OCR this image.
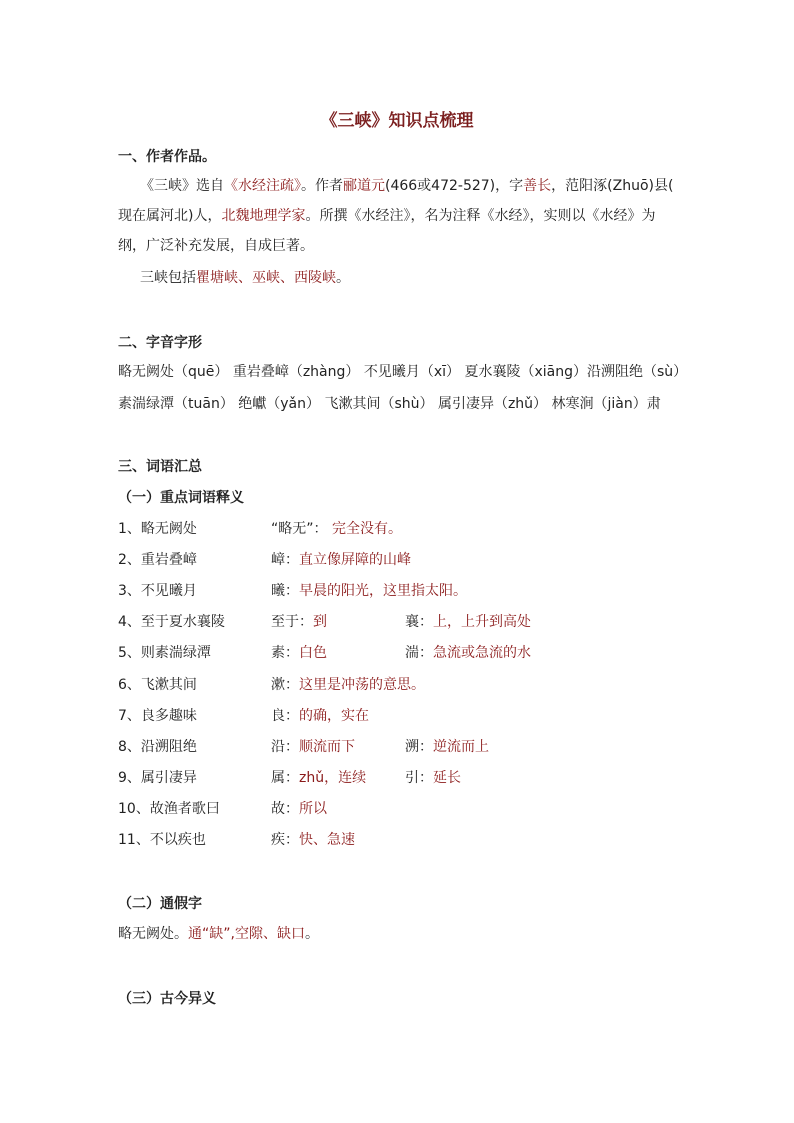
《三峡》知识点梳理
一、作者作品。
《三峡》选自《水经注疏》。作者郦道元(466或472-527)，字善长，范阳涿(Zhuō)县(
现在属河北)人，北魏地理学家。所撰《水经注》，名为注释《水经》，实则以《水经》为
纲，广泛补充发展，自成巨著。
三峡包括瞿塘峡、巫峡、西陵峡。
二、字音字形
略无阙处（quē） 重岩叠嶂（zhàng） 不见曦月（xī） 夏水襄陵（xiāng）沿溯阻绝（sù）
素湍绿潭（tuān） 绝巘（yǎn） 飞漱其间（shù） 属引凄异（zhǔ） 林寒涧（jiàn）肃
三、词语汇总
（一）重点词语释义
1、略无阙处	“略无”： 完全没有。
2、重岩叠嶂	嶂：直立像屏障的山峰
3、不见曦月	曦：早晨的阳光，这里指太阳。
4、至于夏水襄陵	至于：到	襄：上，上升到高处
5、则素湍绿潭	素：白色	湍：急流或急流的水
6、飞漱其间	漱：这里是冲荡的意思。
7、良多趣味	良：的确，实在
8、沿溯阻绝	沿：顺流而下	溯：逆流而上
9、属引凄异	属：zhǔ，连续	引：延长
10、故渔者歌曰	故：所以
11、不以疾也	疾：快、急速
（二）通假字
略无阙处。通“缺”,空隙、缺口。
（三）古今异义
